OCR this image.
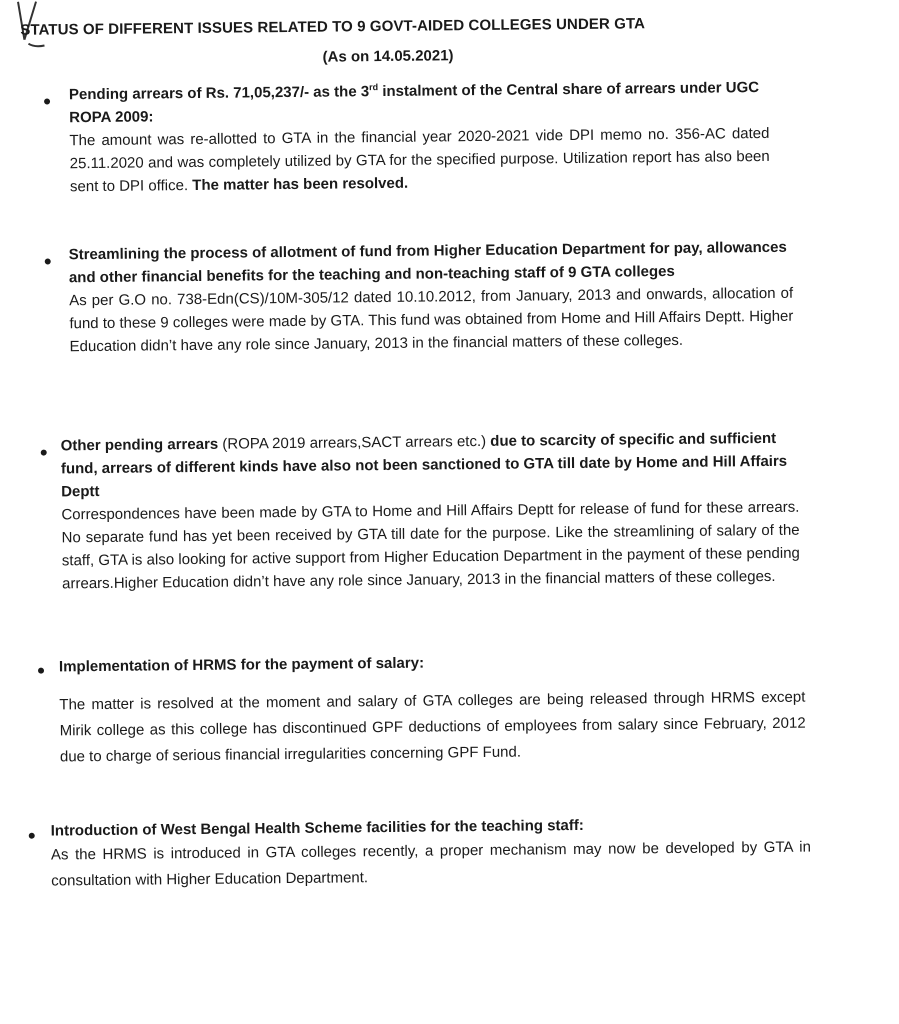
STATUS OF DIFFERENT ISSUES RELATED TO 9 GOVT-AIDED COLLEGES UNDER GTA
(As on 14.05.2021)
Pending arrears of Rs. 71,05,237/- as the 3rd instalment of the Central share of arrears under UGC ROPA 2009:
The amount was re-allotted to GTA in the financial year 2020-2021 vide DPI memo no. 356-AC dated 25.11.2020 and was completely utilized by GTA for the specified purpose. Utilization report has also been sent to DPI office. The matter has been resolved.
Streamlining the process of allotment of fund from Higher Education Department for pay, allowances and other financial benefits for the teaching and non-teaching staff of 9 GTA colleges
As per G.O no. 738-Edn(CS)/10M-305/12 dated 10.10.2012, from January, 2013 and onwards, allocation of fund to these 9 colleges were made by GTA. This fund was obtained from Home and Hill Affairs Deptt. Higher Education didn’t have any role since January, 2013 in the financial matters of these colleges.
Other pending arrears (ROPA 2019 arrears,SACT arrears etc.) due to scarcity of specific and sufficient fund, arrears of different kinds have also not been sanctioned to GTA till date by Home and Hill Affairs Deptt
Correspondences have been made by GTA to Home and Hill Affairs Deptt for release of fund for these arrears. No separate fund has yet been received by GTA till date for the purpose. Like the streamlining of salary of the staff, GTA is also looking for active support from Higher Education Department in the payment of these pending arrears.Higher Education didn’t have any role since January, 2013 in the financial matters of these colleges.
Implementation of HRMS for the payment of salary:
The matter is resolved at the moment and salary of GTA colleges are being released through HRMS except Mirik college as this college has discontinued GPF deductions of employees from salary since February, 2012 due to charge of serious financial irregularities concerning GPF Fund.
Introduction of West Bengal Health Scheme facilities for the teaching staff:
As the HRMS is introduced in GTA colleges recently, a proper mechanism may now be developed by GTA in consultation with Higher Education Department.
